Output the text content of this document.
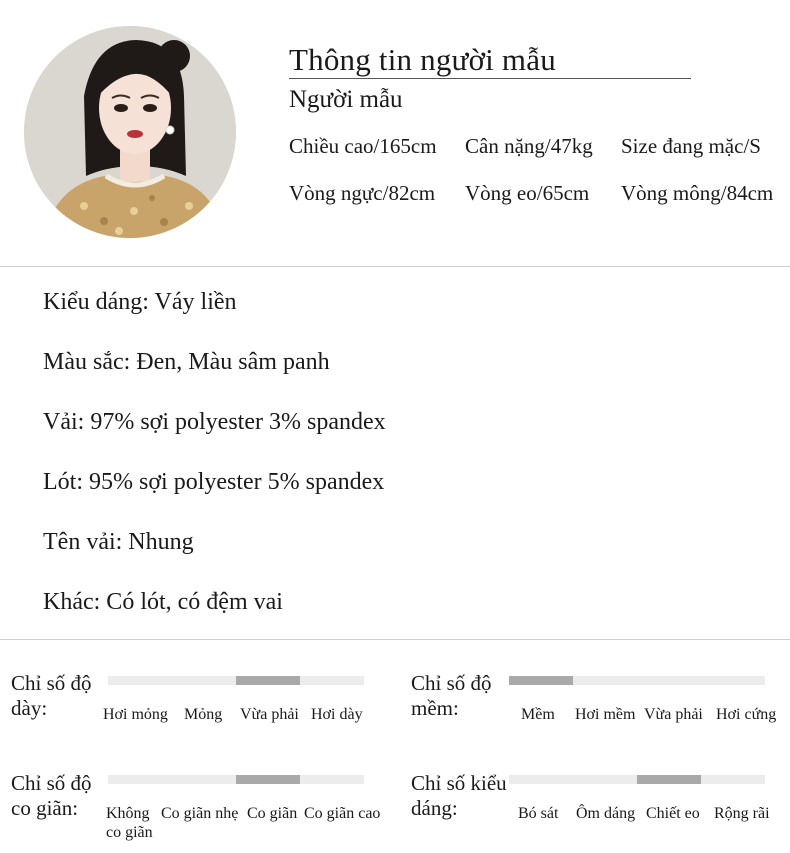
Thông tin người mẫu
Người mẫu
Chiều cao/165cm Cân nặng/47kg Size đang mặc/S
Vòng ngực/82cm Vòng eo/65cm Vòng mông/84cm
Kiểu dáng: Váy liền
Màu sắc: Đen, Màu sâm panh
Vải: 97% sợi polyester 3% spandex
Lót: 95% sợi polyester 5% spandex
Tên vải: Nhung
Khác: Có lót, có đệm vai
Chỉ số độ
dày:	Hơi mỏng Mỏng Vừa phải Hơi dày
Chỉ số độ
mềm:	Mềm Hơi mềm Vừa phải Hơi cứng
Chỉ số độ
co giãn:	Không
co giãn
Co giãn nhẹ Co giãn Co giãn cao
Chỉ số kiểu
dáng:	Bó sát Ôm dáng Chiết eo Rộng rãi
